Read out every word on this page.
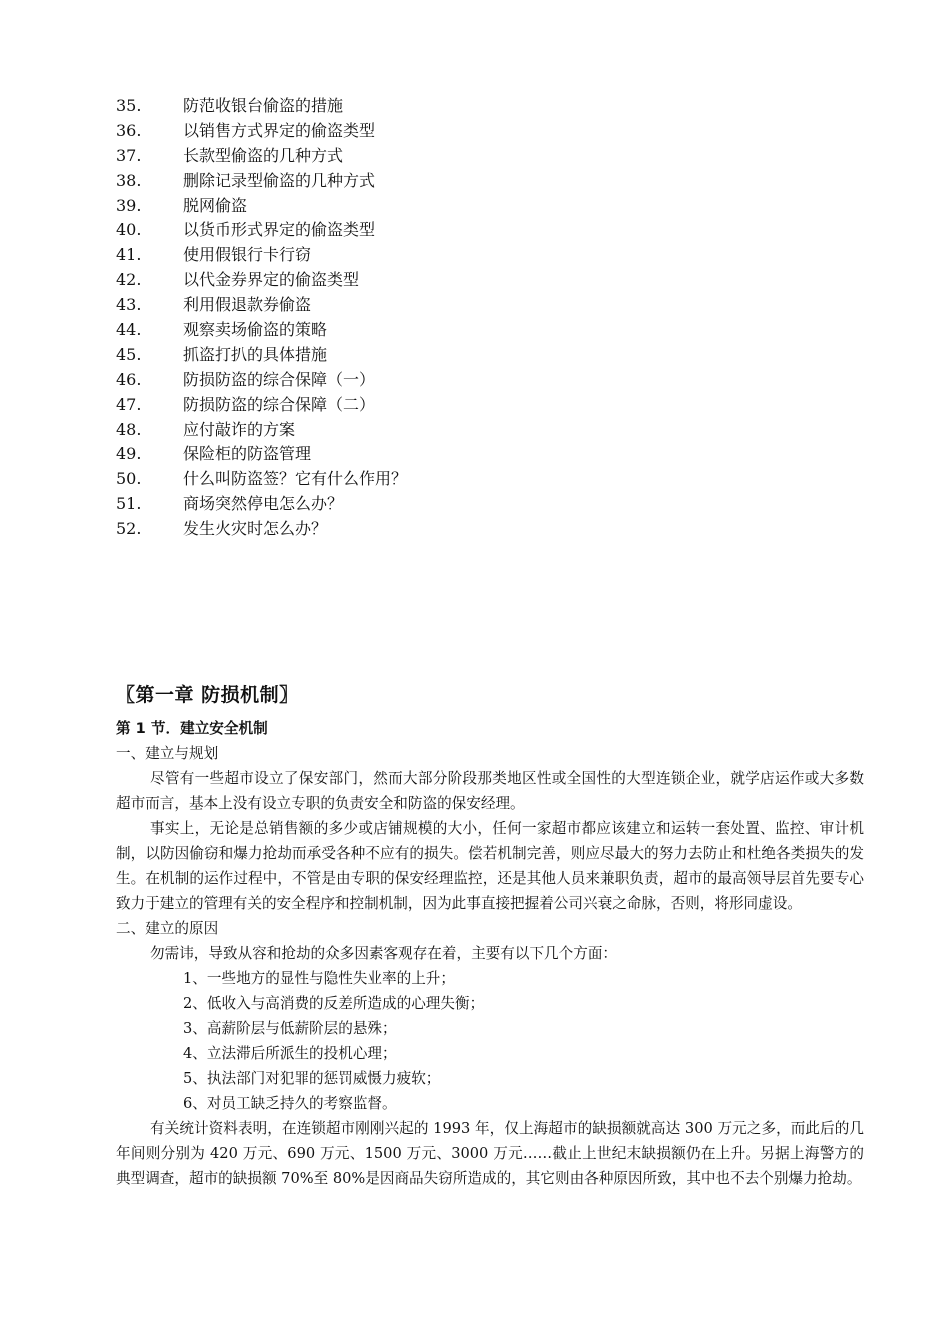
35.	防范收银台偷盗的措施
36.	以销售方式界定的偷盗类型
37.	长款型偷盗的几种方式
38.	删除记录型偷盗的几种方式
39.	脱网偷盗
40.	以货币形式界定的偷盗类型
41.	使用假银行卡行窃
42.	以代金券界定的偷盗类型
43.	利用假退款券偷盗
44.	观察卖场偷盗的策略
45.	抓盗打扒的具体措施
46.	防损防盗的综合保障（一）
47.	防损防盗的综合保障（二）
48.	应付敲诈的方案
49.	保险柜的防盗管理
50.	什么叫防盗签？它有什么作用？
51.	商场突然停电怎么办？
52.	发生火灾时怎么办？
〖第一章 防损机制〗
第 1 节．建立安全机制
一、建立与规划
尽管有一些超市设立了保安部门，然而大部分阶段那类地区性或全国性的大型连锁企业，就学店运作或大多数超市而言，基本上没有设立专职的负责安全和防盗的保安经理。
事实上，无论是总销售额的多少或店铺规模的大小，任何一家超市都应该建立和运转一套处置、监控、审计机制，以防因偷窃和爆力抢劫而承受各种不应有的损失。偿若机制完善，则应尽最大的努力去防止和杜绝各类损失的发生。在机制的运作过程中，不管是由专职的保安经理监控，还是其他人员来兼职负责，超市的最高领导层首先要专心致力于建立的管理有关的安全程序和控制机制，因为此事直接把握着公司兴衰之命脉，否则，将形同虚设。
二、建立的原因
勿需讳，导致从容和抢劫的众多因素客观存在着，主要有以下几个方面：
1、一些地方的显性与隐性失业率的上升；
2、低收入与高消费的反差所造成的心理失衡；
3、高薪阶层与低薪阶层的悬殊；
4、立法滞后所派生的投机心理；
5、执法部门对犯罪的惩罚威慑力疲软；
6、对员工缺乏持久的考察监督。
有关统计资料表明，在连锁超市刚刚兴起的 1993 年，仅上海超市的缺损额就高达 300 万元之多，而此后的几年间则分别为 420 万元、690 万元、1500 万元、3000 万元……截止上世纪末缺损额仍在上升。另据上海警方的典型调查，超市的缺损额 70%至 80%是因商品失窃所造成的，其它则由各种原因所致，其中也不去个别爆力抢劫。
